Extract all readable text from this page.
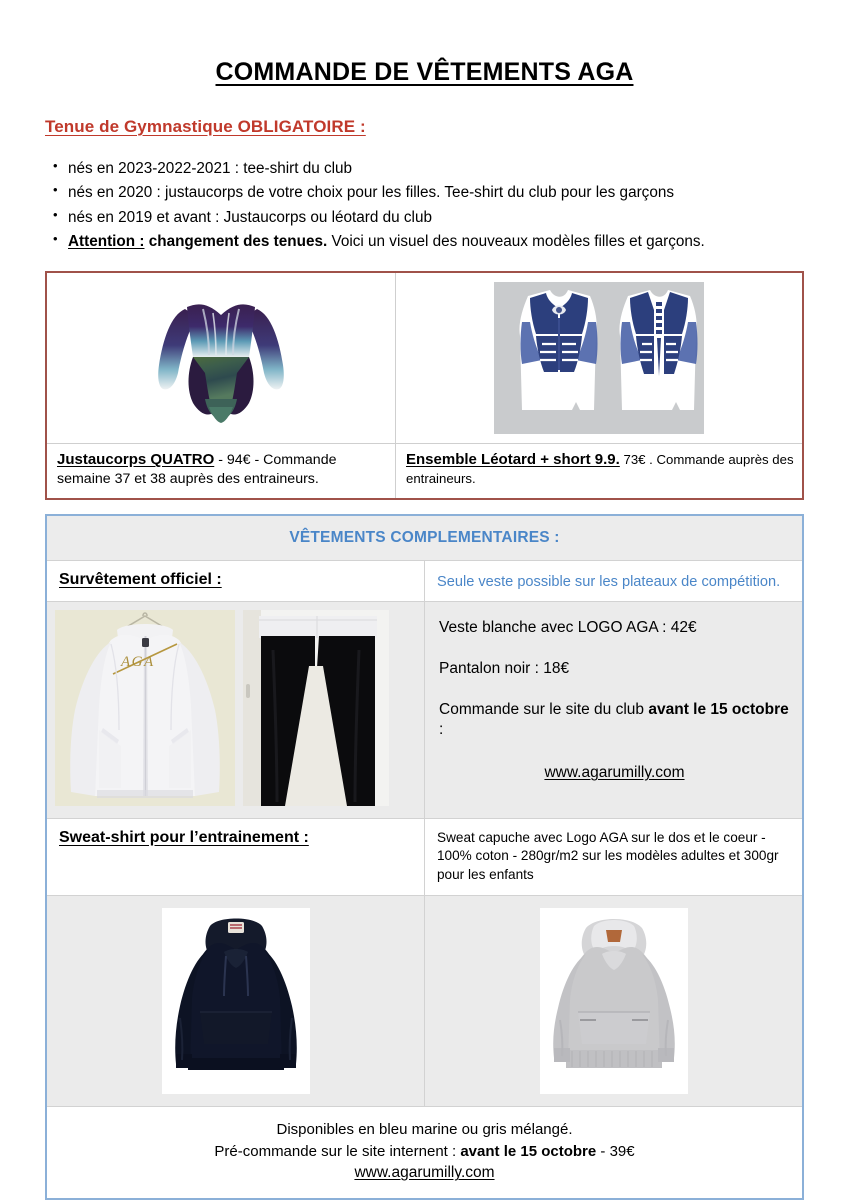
COMMANDE DE VÊTEMENTS AGA
Tenue de Gymnastique OBLIGATOIRE :
• nés en 2023-2022-2021 : tee-shirt du club
• nés en 2020 : justaucorps de votre choix pour les filles. Tee-shirt du club pour les garçons
• nés en 2019 et avant : Justaucorps ou léotard du club
• Attention : changement des tenues. Voici un visuel des nouveaux modèles filles et garçons.

Justaucorps QUATRO - 94€ - Commande semaine 37 et 38 auprès des entraineurs.	Ensemble Léotard + short 9.9. 73€ . Commande auprès des entraineurs.
VÊTEMENTS COMPLEMENTAIRES :	
Survêtement officiel :	Seule veste possible sur les plateaux de compétition.

AGA	Veste blanche avec LOGO AGA : 42€

Pantalon noir : 18€

Commande sur le site du club avant le 15 octobre :

www.agarumilly.com

Sweat-shirt pour l’entrainement :	Sweat capuche avec Logo AGA sur le dos et le coeur - 100% coton - 280gr/m2 sur les modèles adultes et 300gr pour les enfants

Disponibles en bleu marine ou gris mélangé.
Pré-commande sur le site internent : avant le 15 octobre - 39€
www.agarumilly.com	
